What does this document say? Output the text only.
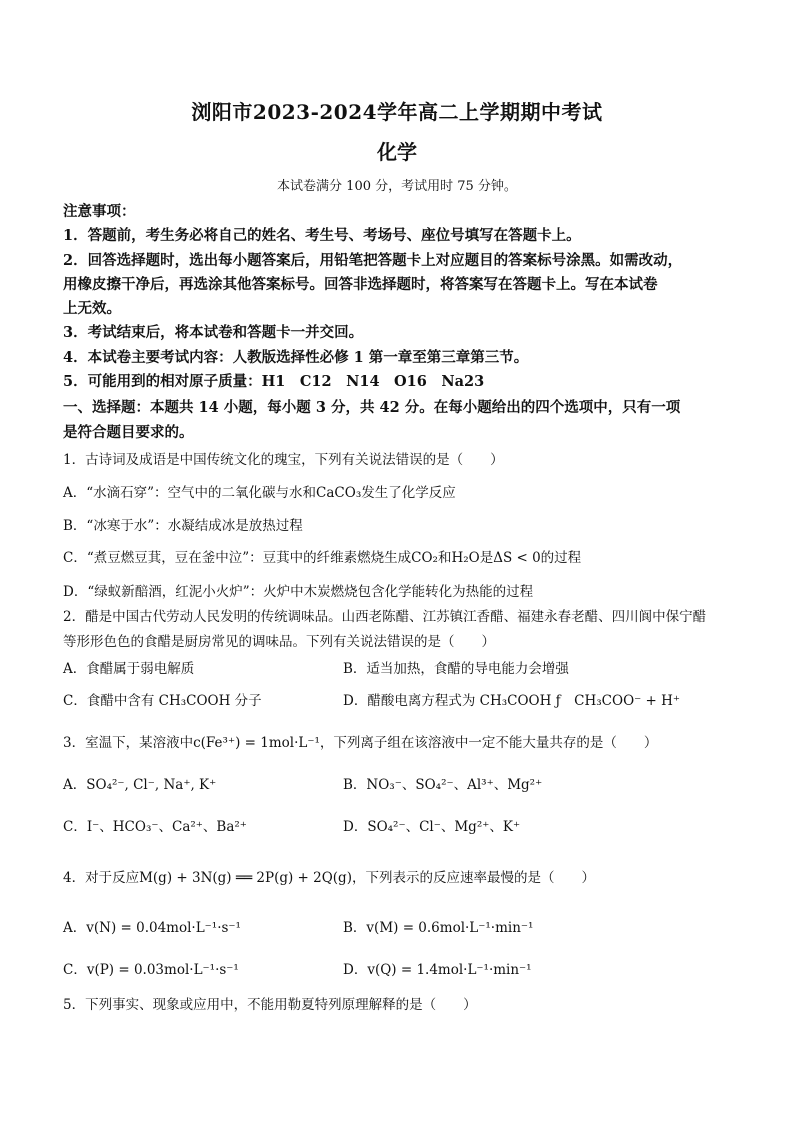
浏阳市2023-2024学年高二上学期期中考试
化学
本试卷满分 100 分，考试用时 75 分钟。
注意事项：
1．答题前，考生务必将自己的姓名、考生号、考场号、座位号填写在答题卡上。
2．回答选择题时，选出每小题答案后，用铅笔把答题卡上对应题目的答案标号涂黑。如需改动，
用橡皮擦干净后，再选涂其他答案标号。回答非选择题时，将答案写在答题卡上。写在本试卷
上无效。
3．考试结束后，将本试卷和答题卡一并交回。
4．本试卷主要考试内容：人教版选择性必修 1 第一章至第三章第三节。
5．可能用到的相对原子质量：H1　C12　N14　O16　Na23
一、选择题：本题共 14 小题，每小题 3 分，共 42 分。在每小题给出的四个选项中，只有一项
是符合题目要求的。
1．古诗词及成语是中国传统文化的瑰宝，下列有关说法错误的是（　　）
A．“水滴石穿”：空气中的二氧化碳与水和CaCO₃发生了化学反应
B．“冰寒于水”：水凝结成冰是放热过程
C．“煮豆燃豆萁，豆在釜中泣”：豆萁中的纤维素燃烧生成CO₂和H₂O是ΔS < 0的过程
D．“绿蚁新醅酒，红泥小火炉”：火炉中木炭燃烧包含化学能转化为热能的过程
2．醋是中国古代劳动人民发明的传统调味品。山西老陈醋、江苏镇江香醋、福建永春老醋、四川阆中保宁醋
等形形色色的食醋是厨房常见的调味品。下列有关说法错误的是（　　）
A．食醋属于弱电解质	B．适当加热，食醋的导电能力会增强
C．食醋中含有 CH₃COOH 分子	D．醋酸电离方程式为 CH₃COOH ƒ　CH₃COO⁻ + H⁺
3．室温下，某溶液中c(Fe³⁺) = 1mol·L⁻¹，下列离子组在该溶液中一定不能大量共存的是（　　）
A．SO₄²⁻, Cl⁻, Na⁺, K⁺	B．NO₃⁻、SO₄²⁻、Al³⁺、Mg²⁺
C．I⁻、HCO₃⁻、Ca²⁺、Ba²⁺	D．SO₄²⁻、Cl⁻、Mg²⁺、K⁺
4．对于反应M(g) + 3N(g) ══ 2P(g) + 2Q(g)，下列表示的反应速率最慢的是（　　）
A．v(N) = 0.04mol·L⁻¹·s⁻¹	B．v(M) = 0.6mol·L⁻¹·min⁻¹
C．v(P) = 0.03mol·L⁻¹·s⁻¹	D．v(Q) = 1.4mol·L⁻¹·min⁻¹
5．下列事实、现象或应用中，不能用勒夏特列原理解释的是（　　）
